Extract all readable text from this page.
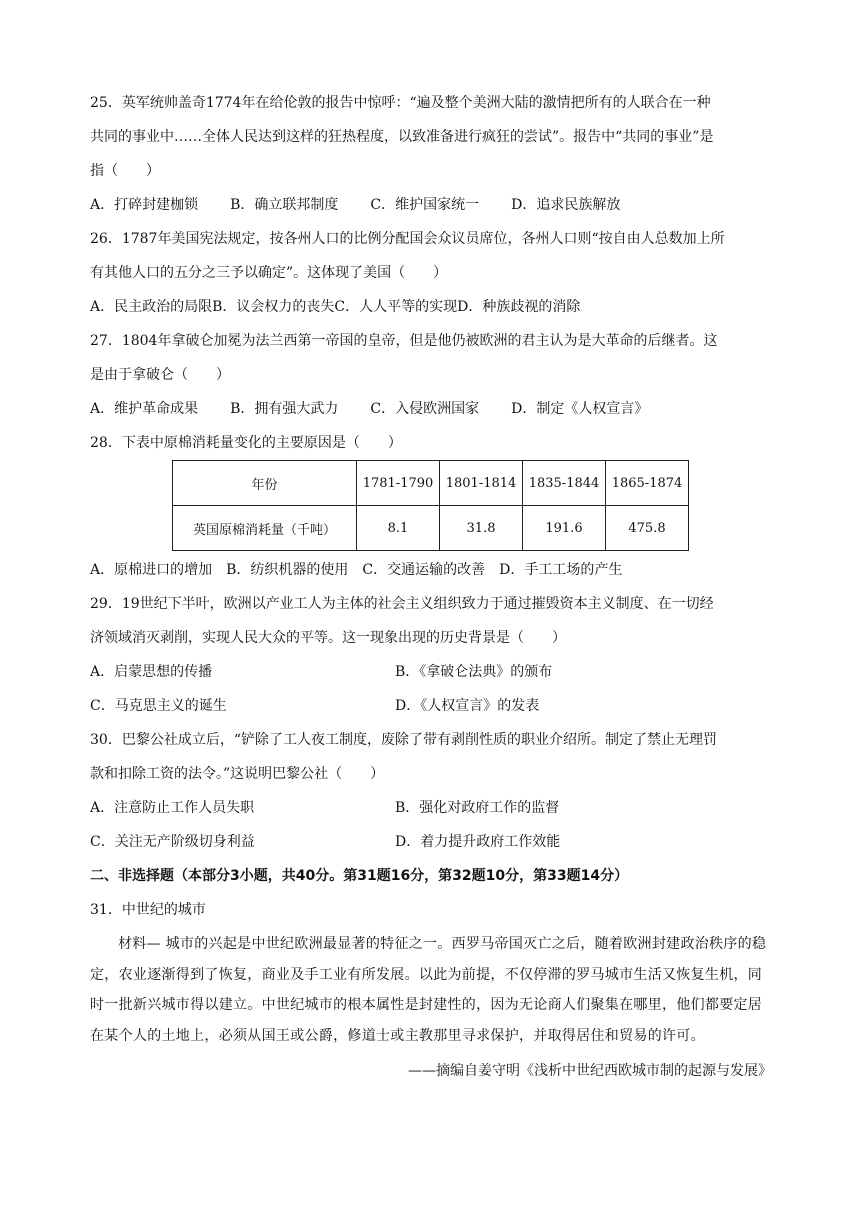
25．英军统帅盖奇1774年在给伦敦的报告中惊呼：“遍及整个美洲大陆的激情把所有的人联合在一种
共同的事业中……全体人民达到这样的狂热程度，以致准备进行疯狂的尝试”。报告中“共同的事业”是
指（　　）
A．打碎封建枷锁 B．确立联邦制度 C．维护国家统一 D．追求民族解放
26．1787年美国宪法规定，按各州人口的比例分配国会众议员席位，各州人口则“按自由人总数加上所
有其他人口的五分之三予以确定”。这体现了美国（　　）
A．民主政治的局限 B．议会权力的丧失 C．人人平等的实现 D．种族歧视的消除
27．1804年拿破仑加冕为法兰西第一帝国的皇帝，但是他仍被欧洲的君主认为是大革命的后继者。这
是由于拿破仑（　　）
A．维护革命成果 B．拥有强大武力 C．入侵欧洲国家 D．制定《人权宣言》
28．下表中原棉消耗量变化的主要原因是（　　）
年份	1781-1790	1801-1814	1835-1844	1865-1874
英国原棉消耗量（千吨）	8.1	31.8	191.6	475.8
A．原棉进口的增加 B．纺织机器的使用 C．交通运输的改善 D．手工工场的产生
29．19世纪下半叶，欧洲以产业工人为主体的社会主义组织致力于通过摧毁资本主义制度、在一切经
济领域消灭剥削，实现人民大众的平等。这一现象出现的历史背景是（　　）
A．启蒙思想的传播	B．《拿破仑法典》的颁布
C．马克思主义的诞生	D．《人权宣言》的发表
30．巴黎公社成立后，“铲除了工人夜工制度，废除了带有剥削性质的职业介绍所。制定了禁止无理罚
款和扣除工资的法令。”这说明巴黎公社（　　）
A．注意防止工作人员失职	B．强化对政府工作的监督
C．关注无产阶级切身利益	D．着力提升政府工作效能
二、非选择题（本部分3小题，共40分。第31题16分，第32题10分，第33题14分）
31．中世纪的城市
材料— 城市的兴起是中世纪欧洲最显著的特征之一。西罗马帝国灭亡之后，随着欧洲封建政治秩序的稳定，农业逐渐得到了恢复，商业及手工业有所发展。以此为前提，不仅停滞的罗马城市生活又恢复生机，同时一批新兴城市得以建立。中世纪城市的根本属性是封建性的，因为无论商人们聚集在哪里，他们都要定居在某个人的土地上，必须从国王或公爵，修道士或主教那里寻求保护，并取得居住和贸易的许可。
——摘编自姜守明《浅析中世纪西欧城市制的起源与发展》
